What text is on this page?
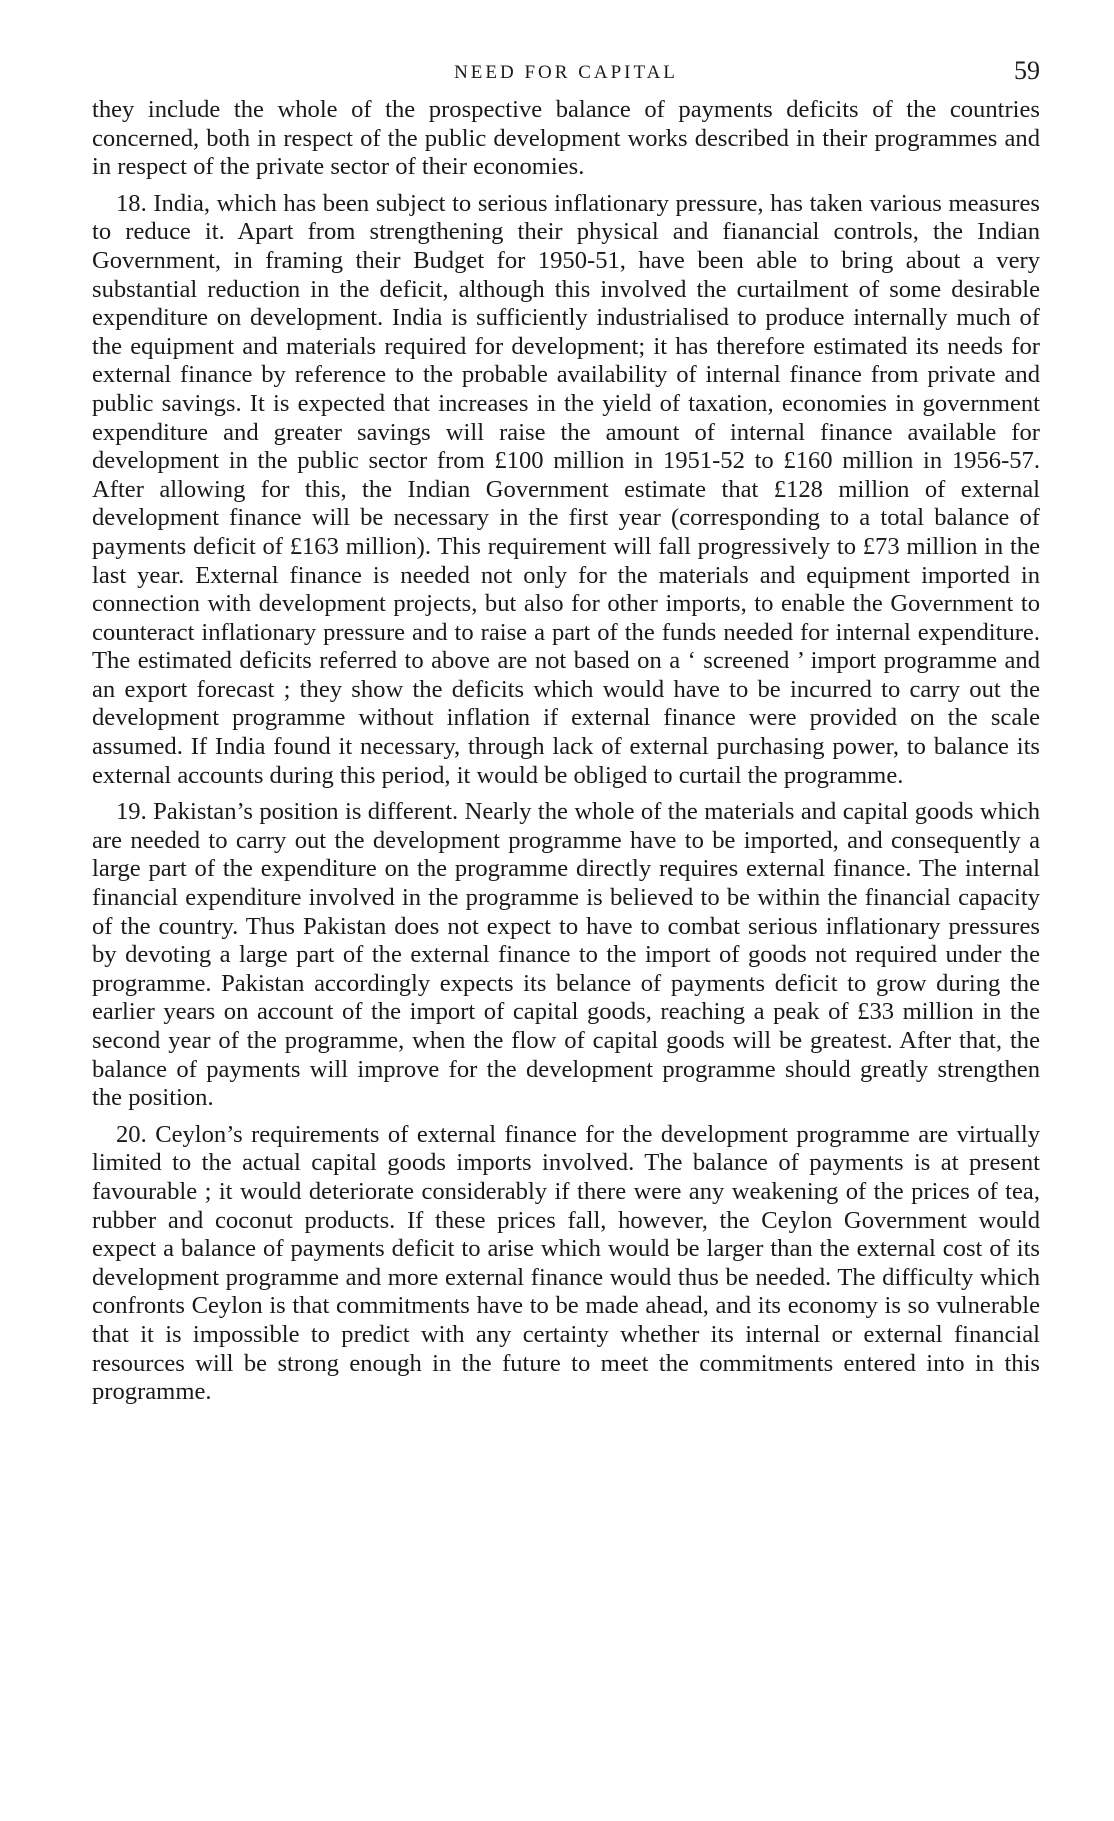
NEED FOR CAPITAL	59

they include the whole of the prospective balance of payments deficits of the countries concerned, both in respect of the public development works described in their programmes and in respect of the private sector of their economies.

18. India, which has been subject to serious inflationary pressure, has taken various measures to reduce it. Apart from strengthening their physical and fianancial controls, the Indian Government, in framing their Budget for 1950-51, have been able to bring about a very substantial reduction in the deficit, although this involved the curtailment of some desirable expenditure on development. India is sufficiently industrialised to produce internally much of the equipment and materials required for development; it has therefore estimated its needs for external finance by reference to the probable availability of internal finance from private and public savings. It is expected that increases in the yield of taxation, economies in government expenditure and greater savings will raise the amount of internal finance available for development in the public sector from £100 million in 1951-52 to £160 million in 1956-57. After allowing for this, the Indian Government estimate that £128 million of external development finance will be necessary in the first year (corresponding to a total balance of payments deficit of £163 million). This requirement will fall progressively to £73 million in the last year. External finance is needed not only for the materials and equipment imported in connection with development projects, but also for other imports, to enable the Government to counteract inflationary pressure and to raise a part of the funds needed for internal expenditure. The estimated deficits referred to above are not based on a ‘ screened ’ import programme and an export forecast ; they show the deficits which would have to be incurred to carry out the development programme without inflation if external finance were provided on the scale assumed. If India found it necessary, through lack of external purchasing power, to balance its external accounts during this period, it would be obliged to curtail the programme.

19. Pakistan’s position is different. Nearly the whole of the materials and capital goods which are needed to carry out the development programme have to be imported, and consequently a large part of the expenditure on the programme directly requires external finance. The internal financial expenditure involved in the programme is believed to be within the financial capacity of the country. Thus Pakistan does not expect to have to combat serious inflationary pressures by devoting a large part of the external finance to the import of goods not required under the programme. Pakistan accordingly expects its belance of payments deficit to grow during the earlier years on account of the import of capital goods, reaching a peak of £33 million in the second year of the programme, when the flow of capital goods will be greatest. After that, the balance of payments will improve for the development programme should greatly strengthen the position.

20. Ceylon’s requirements of external finance for the development programme are virtually limited to the actual capital goods imports involved. The balance of payments is at present favourable ; it would deteriorate considerably if there were any weakening of the prices of tea, rubber and coconut products. If these prices fall, however, the Ceylon Government would expect a balance of payments deficit to arise which would be larger than the external cost of its development programme and more external finance would thus be needed. The difficulty which confronts Ceylon is that commitments have to be made ahead, and its economy is so vulnerable that it is impossible to predict with any certainty whether its internal or external financial resources will be strong enough in the future to meet the commitments entered into in this programme.
